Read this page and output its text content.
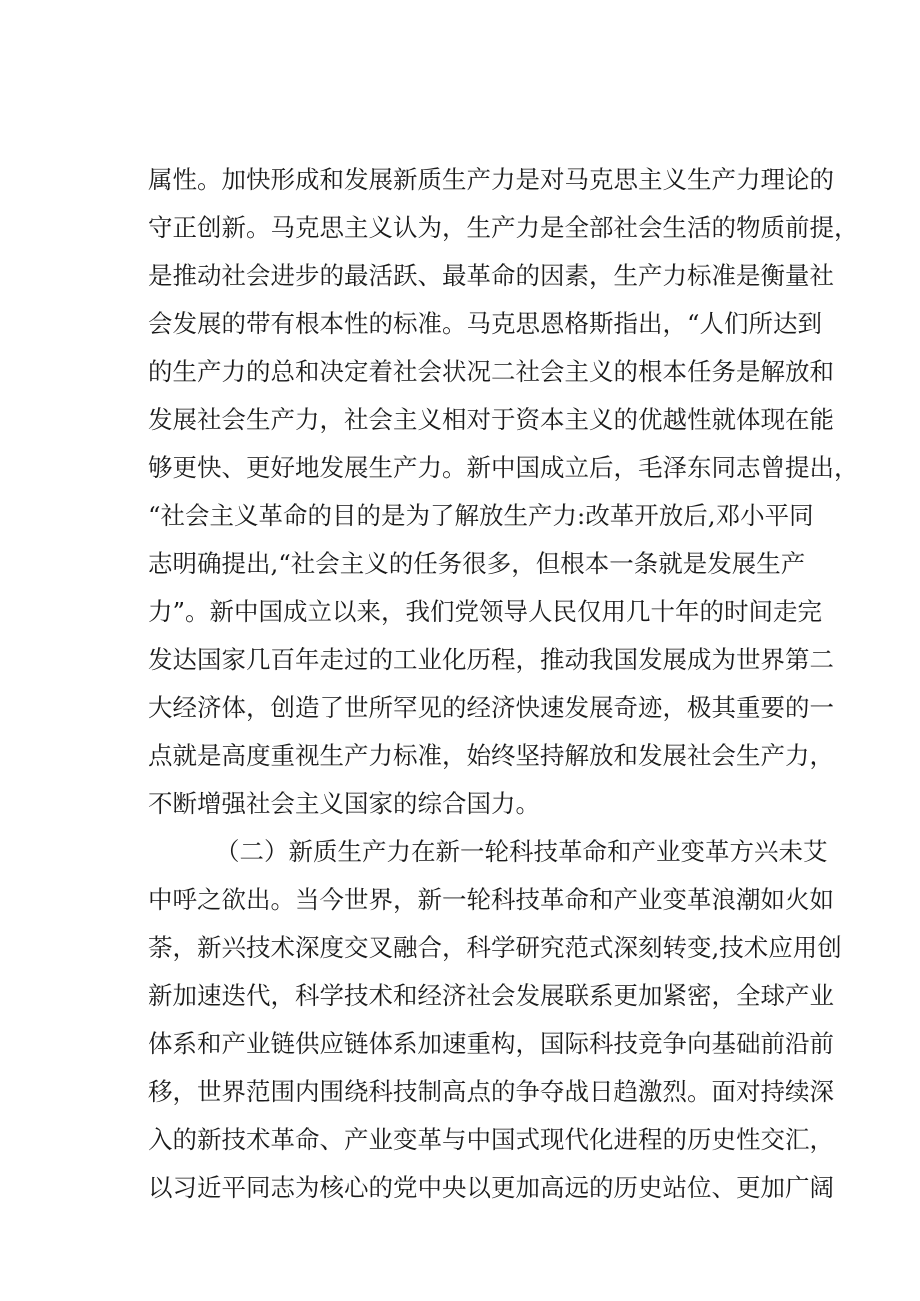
属性。加快形成和发展新质生产力是对马克思主义生产力理论的
守正创新。马克思主义认为，生产力是全部社会生活的物质前提，
是推动社会进步的最活跃、最革命的因素，生产力标准是衡量社
会发展的带有根本性的标准。马克思恩格斯指出，“人们所达到
的生产力的总和决定着社会状况二社会主义的根本任务是解放和
发展社会生产力，社会主义相对于资本主义的优越性就体现在能
够更快、更好地发展生产力。新中国成立后，毛泽东同志曾提出，
“社会主义革命的目的是为了解放生产力:改革开放后,邓小平同
志明确提出,“社会主义的任务很多，但根本一条就是发展生产
力”。新中国成立以来，我们党领导人民仅用几十年的时间走完
发达国家几百年走过的工业化历程，推动我国发展成为世界第二
大经济体，创造了世所罕见的经济快速发展奇迹，极其重要的一
点就是高度重视生产力标准，始终坚持解放和发展社会生产力，
不断增强社会主义国家的综合国力。
（二）新质生产力在新一轮科技革命和产业变革方兴未艾
中呼之欲出。当今世界，新一轮科技革命和产业变革浪潮如火如
荼，新兴技术深度交叉融合，科学研究范式深刻转变,技术应用创
新加速迭代，科学技术和经济社会发展联系更加紧密，全球产业
体系和产业链供应链体系加速重构，国际科技竞争向基础前沿前
移，世界范围内围绕科技制高点的争夺战日趋激烈。面对持续深
入的新技术革命、产业变革与中国式现代化进程的历史性交汇，
以习近平同志为核心的党中央以更加高远的历史站位、更加广阔
